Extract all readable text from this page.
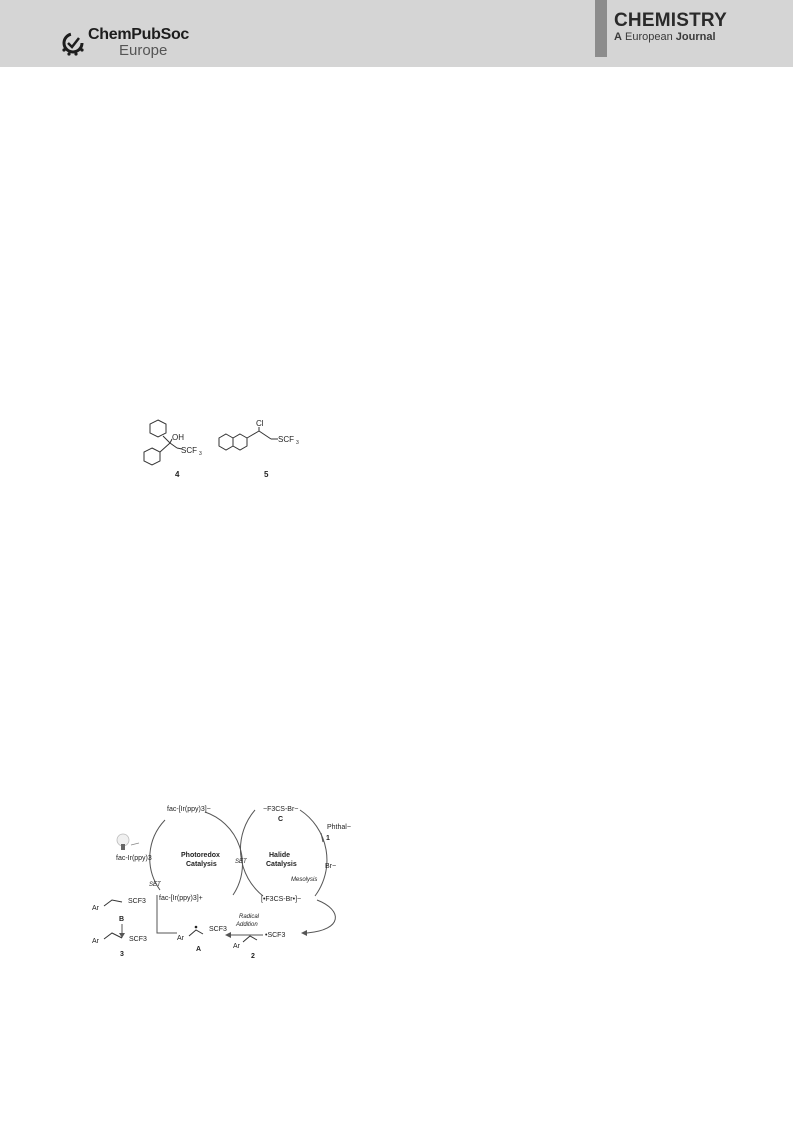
ChemPubSoc
Europe
CHEMISTRY
A European Journal
OH
SCF 3
Cl
SCF 3
4	5
fac-[Ir(ppy)3]−
fac-Ir(ppy)3
fac-[Ir(ppy)3]+
Photoredox
Catalysis
Halide
Catalysis
SET
SET
−F3CS-Br−
C
Phthal−
1
Br−
Mesolysis
[•F3CS-Br•]−
•SCF3
Radical
Addition
Ar
2
Ar
SCF3
A
Ar
SCF3
B
Ar	SCF3
3
